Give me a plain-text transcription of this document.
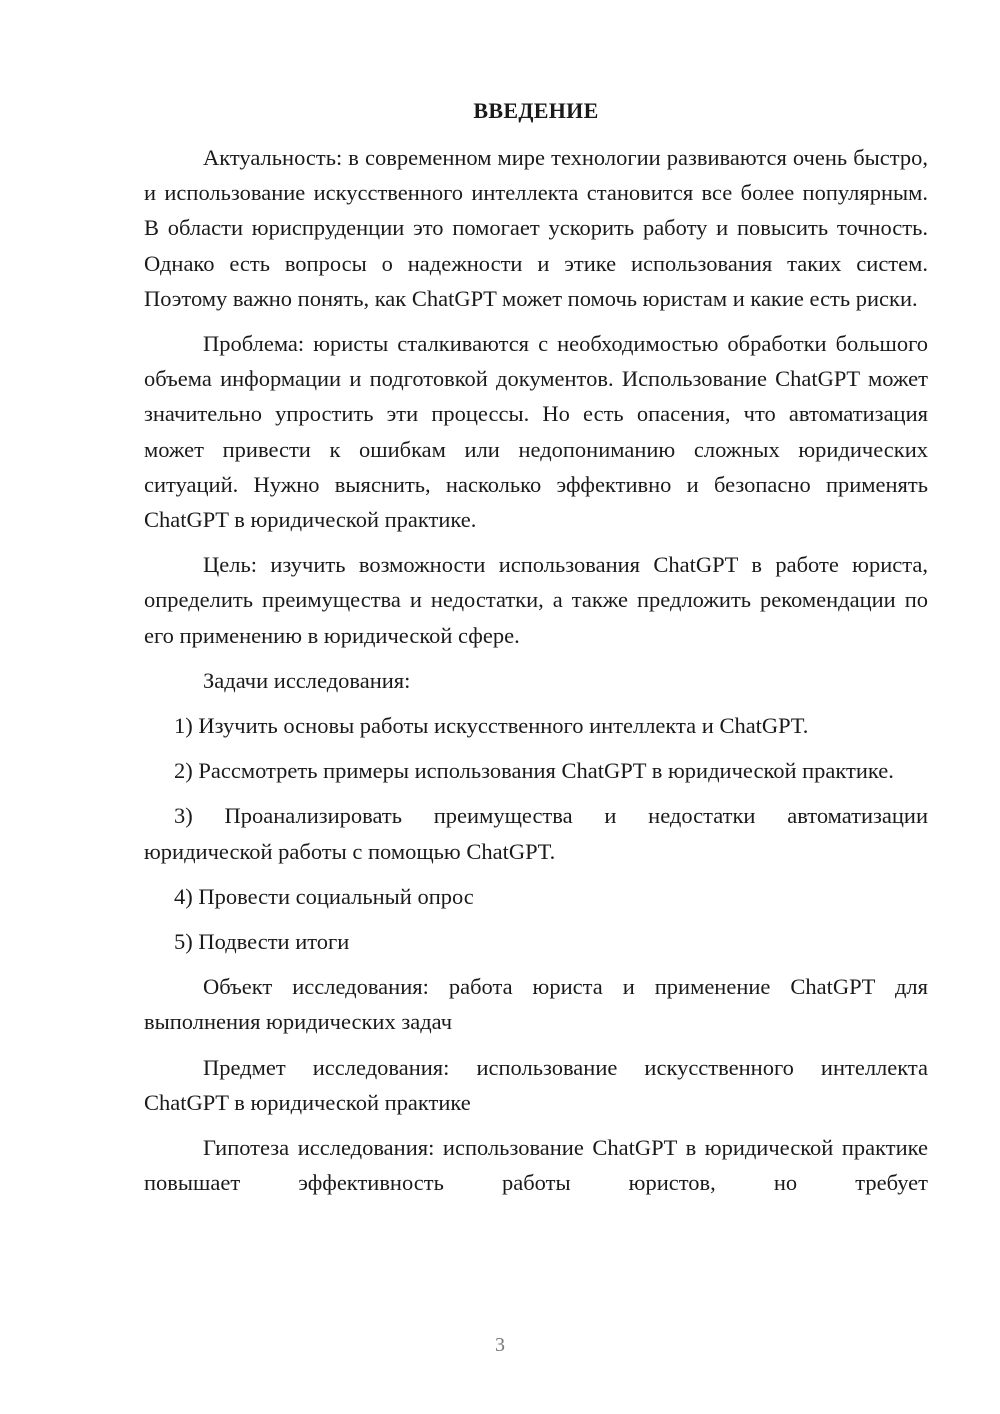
ВВЕДЕНИЕ

Актуальность: в современном мире технологии развиваются очень быстро, и использование искусственного интеллекта становится все более популярным. В области юриспруденции это помогает ускорить работу и повысить точность. Однако есть вопросы о надежности и этике использования таких систем. Поэтому важно понять, как ChatGPT может помочь юристам и какие есть риски.

Проблема: юристы сталкиваются с необходимостью обработки большого объема информации и подготовкой документов. Использование ChatGPT может значительно упростить эти процессы. Но есть опасения, что автоматизация может привести к ошибкам или недопониманию сложных юридических ситуаций. Нужно выяснить, насколько эффективно и безопасно применять ChatGPT в юридической практике.

Цель: изучить возможности использования ChatGPT в работе юриста, определить преимущества и недостатки, а также предложить рекомендации по его применению в юридической сфере.

Задачи исследования:

1) Изучить основы работы искусственного интеллекта и ChatGPT.

2) Рассмотреть примеры использования ChatGPT в юридической практике.

3) Проанализировать преимущества и недостатки автоматизации юридической работы с помощью ChatGPT.

4) Провести социальный опрос

5) Подвести итоги

Объект исследования: работа юриста и применение ChatGPT для выполнения юридических задач

Предмет исследования: использование искусственного интеллекта ChatGPT в юридической практике

Гипотеза исследования: использование ChatGPT в юридической практике повышает эффективность работы юристов, но требует

3
